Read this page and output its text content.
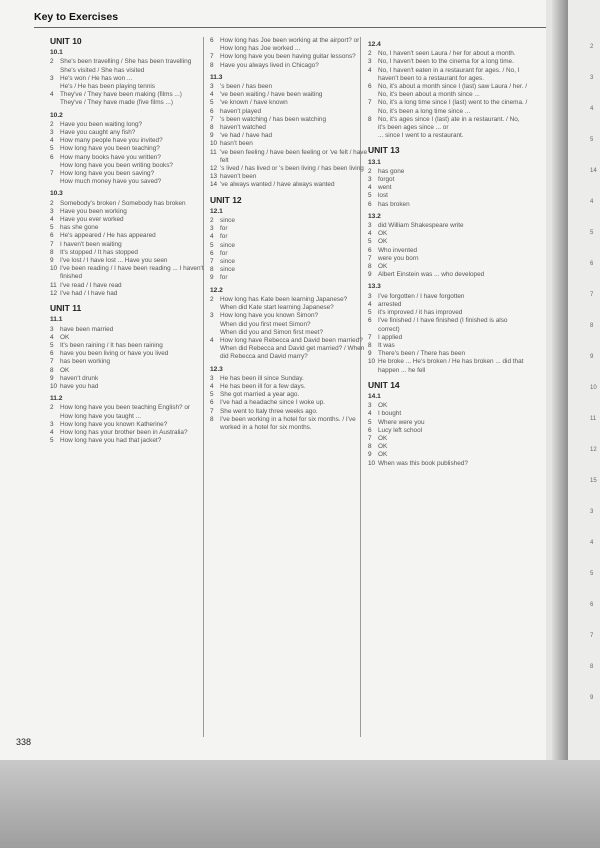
Key to Exercises
UNIT 10
10.1
2	She's been travelling / She has been travelling
She's visited / She has visited
3	He's won / He has won ...
He's / He has been playing tennis
4	They've / They have been making (films ...)
They've / They have made (five films ...)
10.2
2	Have you been waiting long?
3	Have you caught any fish?
4	How many people have you invited?
5	How long have you been teaching?
6	How many books have you written?
How long have you been writing books?
7	How long have you been saving?
How much money have you saved?
10.3
2	Somebody's broken / Somebody has broken
3	Have you been working
4	Have you ever worked
5	has she gone
6	He's appeared / He has appeared
7	I haven't been waiting
8	It's stopped / It has stopped
9	I've lost / I have lost ... Have you seen
10 I've been reading / I have been reading ... I haven't finished
11 I've read / I have read
12 I've had / I have had
UNIT 11
11.1
3	have been married
4	OK
5	It's been raining / It has been raining
6	have you been living or have you lived
7	has been working
8	OK
9	haven't drunk
10 have you had
11.2
2	How long have you been teaching English? or
How long have you taught ...
3	How long have you known Katherine?
4	How long has your brother been in Australia?
5	How long have you had that jacket?
6	How long has Joe been working at the airport? or
How long has Joe worked ...
7	How long have you been having guitar lessons?
8	Have you always lived in Chicago?
11.3
3	's been / has been
4	've been waiting / have been waiting
5	've known / have known
6	haven't played
7	's been watching / has been watching
8	haven't watched
9	've had / have had
10 hasn't been
11 've been feeling / have been feeling or 've felt / have felt
12 's lived / has lived or 's been living / has been living
13 haven't been
14 've always wanted / have always wanted
UNIT 12
12.1
2	since
3	for
4	for
5	since
6	for
7	since
8	since
9	for
12.2
2	How long has Kate been learning Japanese?
When did Kate start learning Japanese?
3	How long have you known Simon?
When did you first meet Simon?
When did you and Simon first meet?
4	How long have Rebecca and David been married?
When did Rebecca and David get married? / When did Rebecca and David marry?
12.3
3	He has been ill since Sunday.
4	He has been ill for a few days.
5	She got married a year ago.
6	I've had a headache since I woke up.
7	She went to Italy three weeks ago.
8	I've been working in a hotel for six months. / I've worked in a hotel for six months.
12.4
2	No, I haven't seen Laura / her for about a month.
3	No, I haven't been to the cinema for a long time.
4	No, I haven't eaten in a restaurant for ages. / No, I haven't been to a restaurant for ages.
6	No, it's about a month since I (last) saw Laura / her. / No, it's been about a month since ...
7	No, it's a long time since I (last) went to the cinema. / No, it's been a long time since ...
8	No, it's ages since I (last) ate in a restaurant. / No, it's been ages since ... or
... since I went to a restaurant.
UNIT 13
13.1
2	has gone
3	forgot
4	went
5	lost
6	has broken
13.2
3	did William Shakespeare write
4	OK
5	OK
6	Who invented
7	were you born
8	OK
9	Albert Einstein was ... who developed
13.3
3	I've forgotten / I have forgotten
4	arrested
5	it's improved / it has improved
6	I've finished / I have finished (I finished is also correct)
7	I applied
8	It was
9	There's been / There has been
10 He broke ... He's broken / He has broken ... did that happen ... he fell
UNIT 14
14.1
3	OK
4	I bought
5	Where were you
6	Lucy left school
7	OK
8	OK
9	OK
10 When was this book published?
338
2
3
4
5
14
4
5
6
7
8
9
10
11
12
15
3
4
5
6
7
8
9
